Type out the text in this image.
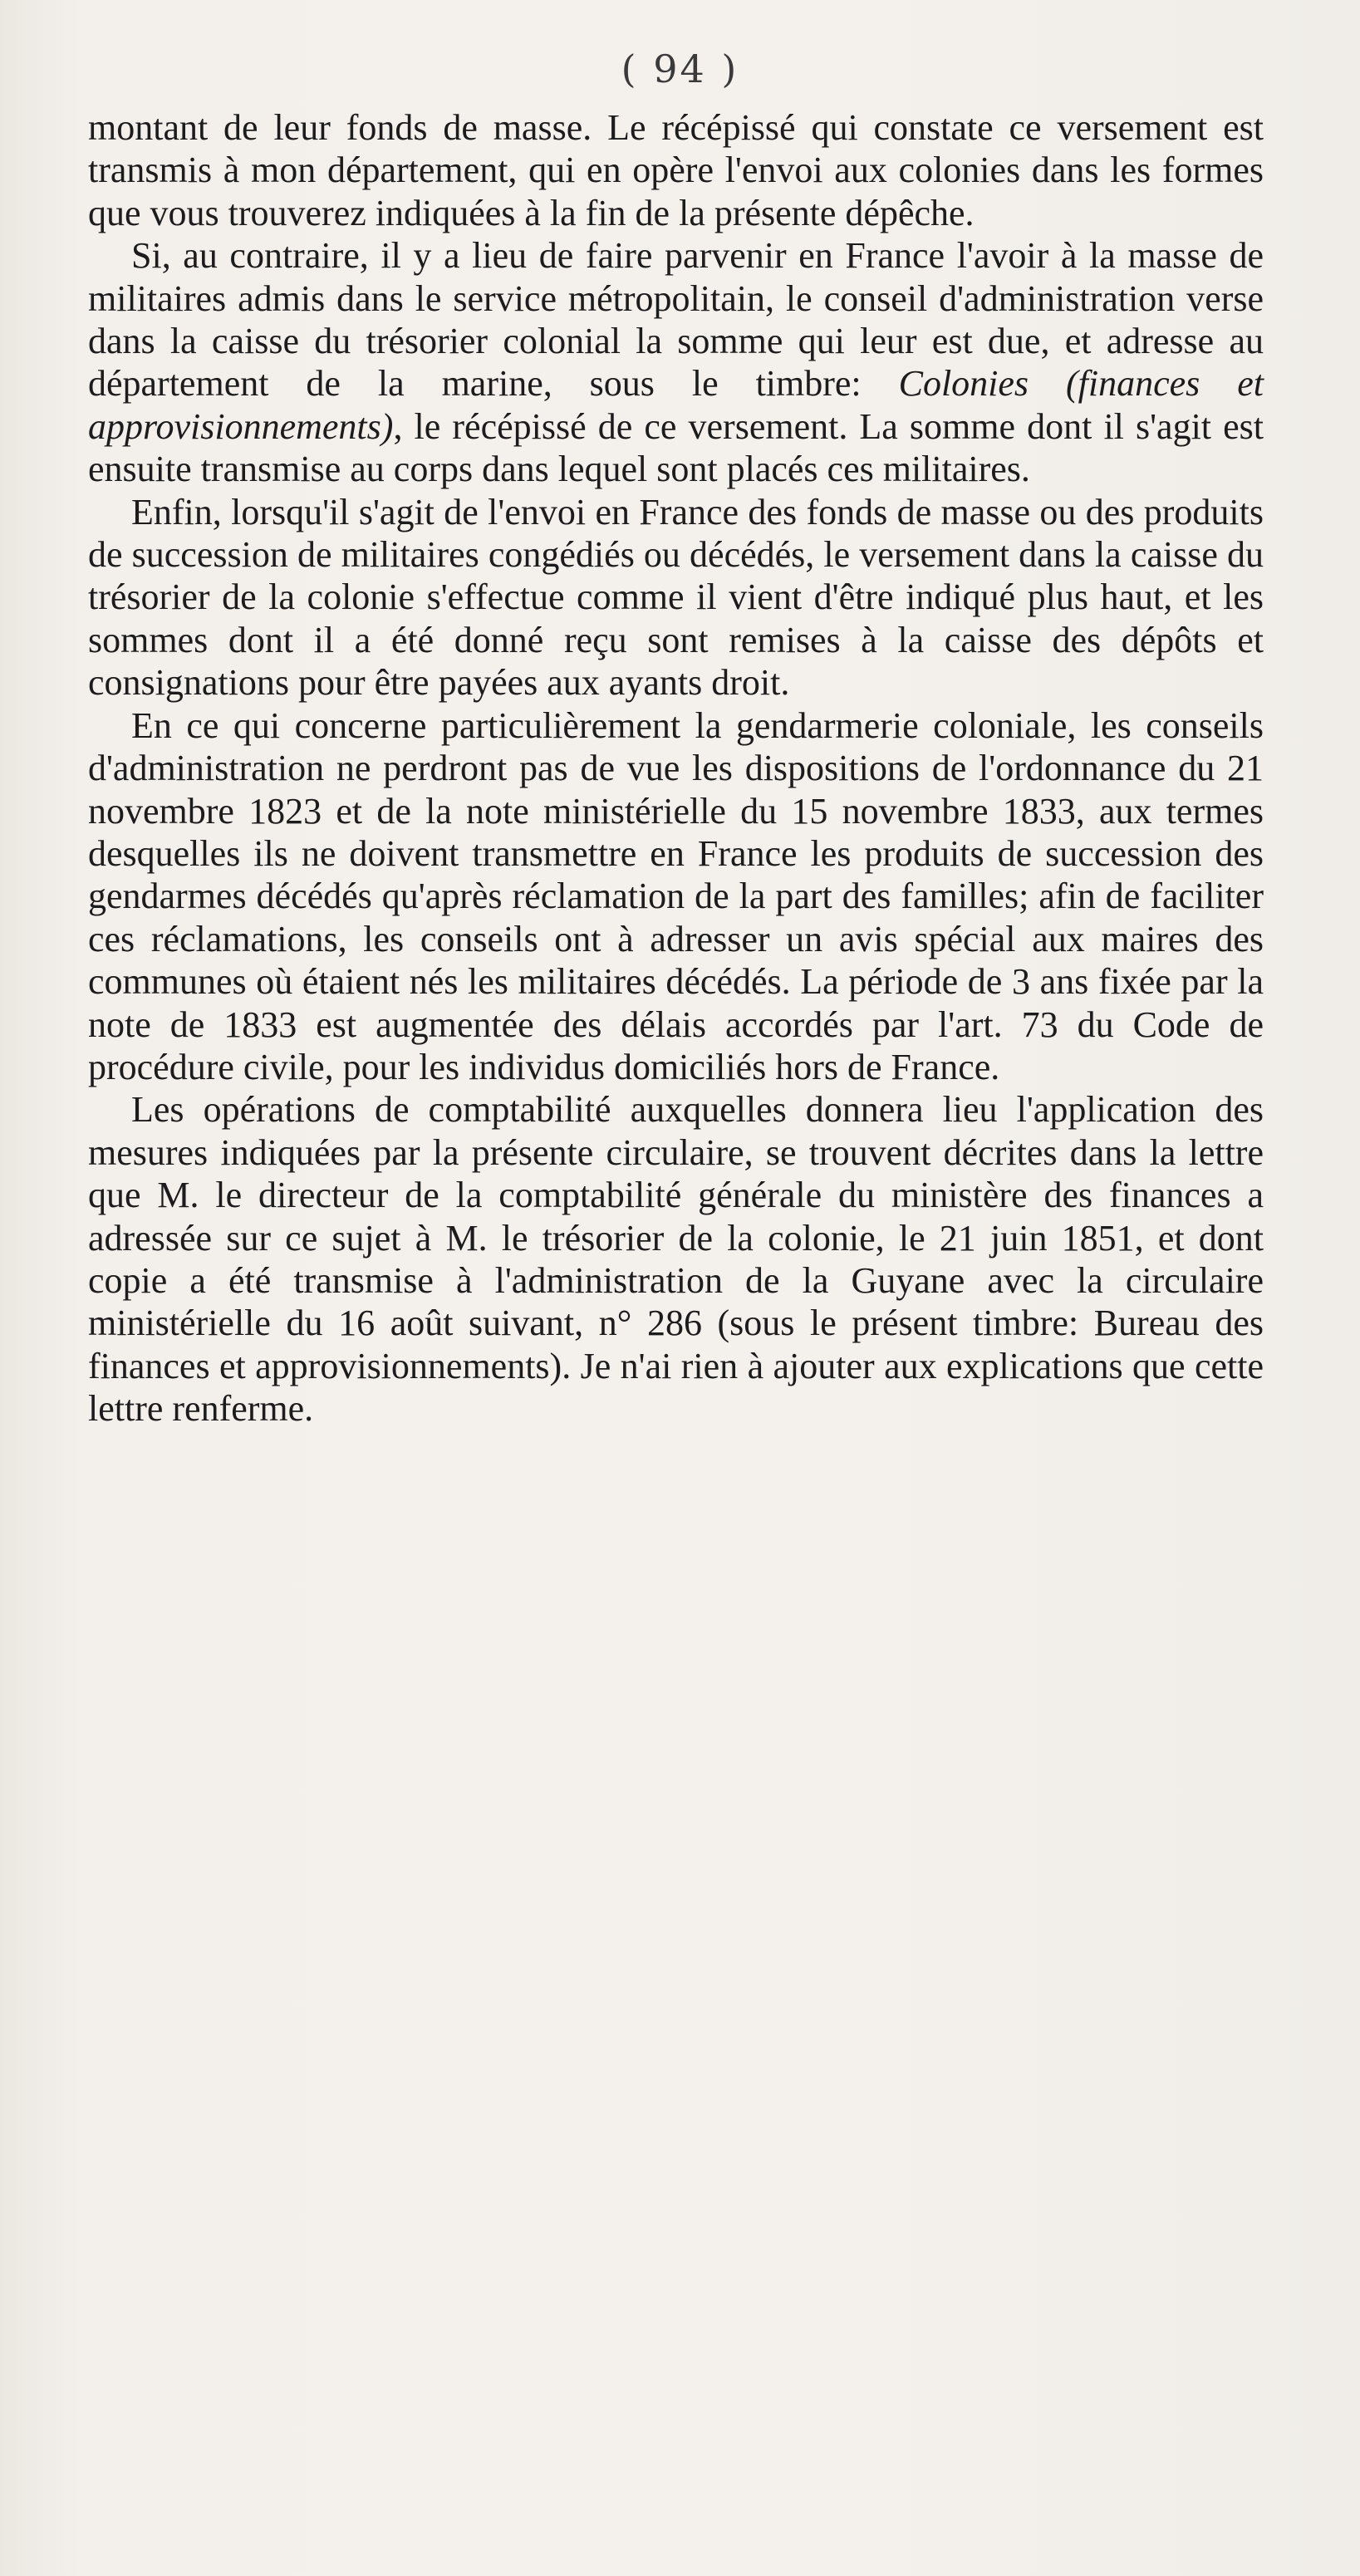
( 94 )

montant de leur fonds de masse. Le récépissé qui constate ce versement est transmis à mon département, qui en opère l'envoi aux colonies dans les formes que vous trouverez indiquées à la fin de la présente dépêche.

Si, au contraire, il y a lieu de faire parvenir en France l'avoir à la masse de militaires admis dans le service métropolitain, le conseil d'administration verse dans la caisse du trésorier colonial la somme qui leur est due, et adresse au département de la marine, sous le timbre: Colonies (finances et approvisionnements), le récépissé de ce versement. La somme dont il s'agit est ensuite transmise au corps dans lequel sont placés ces militaires.

Enfin, lorsqu'il s'agit de l'envoi en France des fonds de masse ou des produits de succession de militaires congédiés ou décédés, le versement dans la caisse du trésorier de la colonie s'effectue comme il vient d'être indiqué plus haut, et les sommes dont il a été donné reçu sont remises à la caisse des dépôts et consignations pour être payées aux ayants droit.

En ce qui concerne particulièrement la gendarmerie coloniale, les conseils d'administration ne perdront pas de vue les dispositions de l'ordonnance du 21 novembre 1823 et de la note ministérielle du 15 novembre 1833, aux termes desquelles ils ne doivent transmettre en France les produits de succession des gendarmes décédés qu'après réclamation de la part des familles; afin de faciliter ces réclamations, les conseils ont à adresser un avis spécial aux maires des communes où étaient nés les militaires décédés. La période de 3 ans fixée par la note de 1833 est augmentée des délais accordés par l'art. 73 du Code de procédure civile, pour les individus domiciliés hors de France.

Les opérations de comptabilité auxquelles donnera lieu l'application des mesures indiquées par la présente circulaire, se trouvent décrites dans la lettre que M. le directeur de la comptabilité générale du ministère des finances a adressée sur ce sujet à M. le trésorier de la colonie, le 21 juin 1851, et dont copie a été transmise à l'administration de la Guyane avec la circulaire ministérielle du 16 août suivant, n° 286 (sous le présent timbre: Bureau des finances et approvisionnements). Je n'ai rien à ajouter aux explications que cette lettre renferme.
